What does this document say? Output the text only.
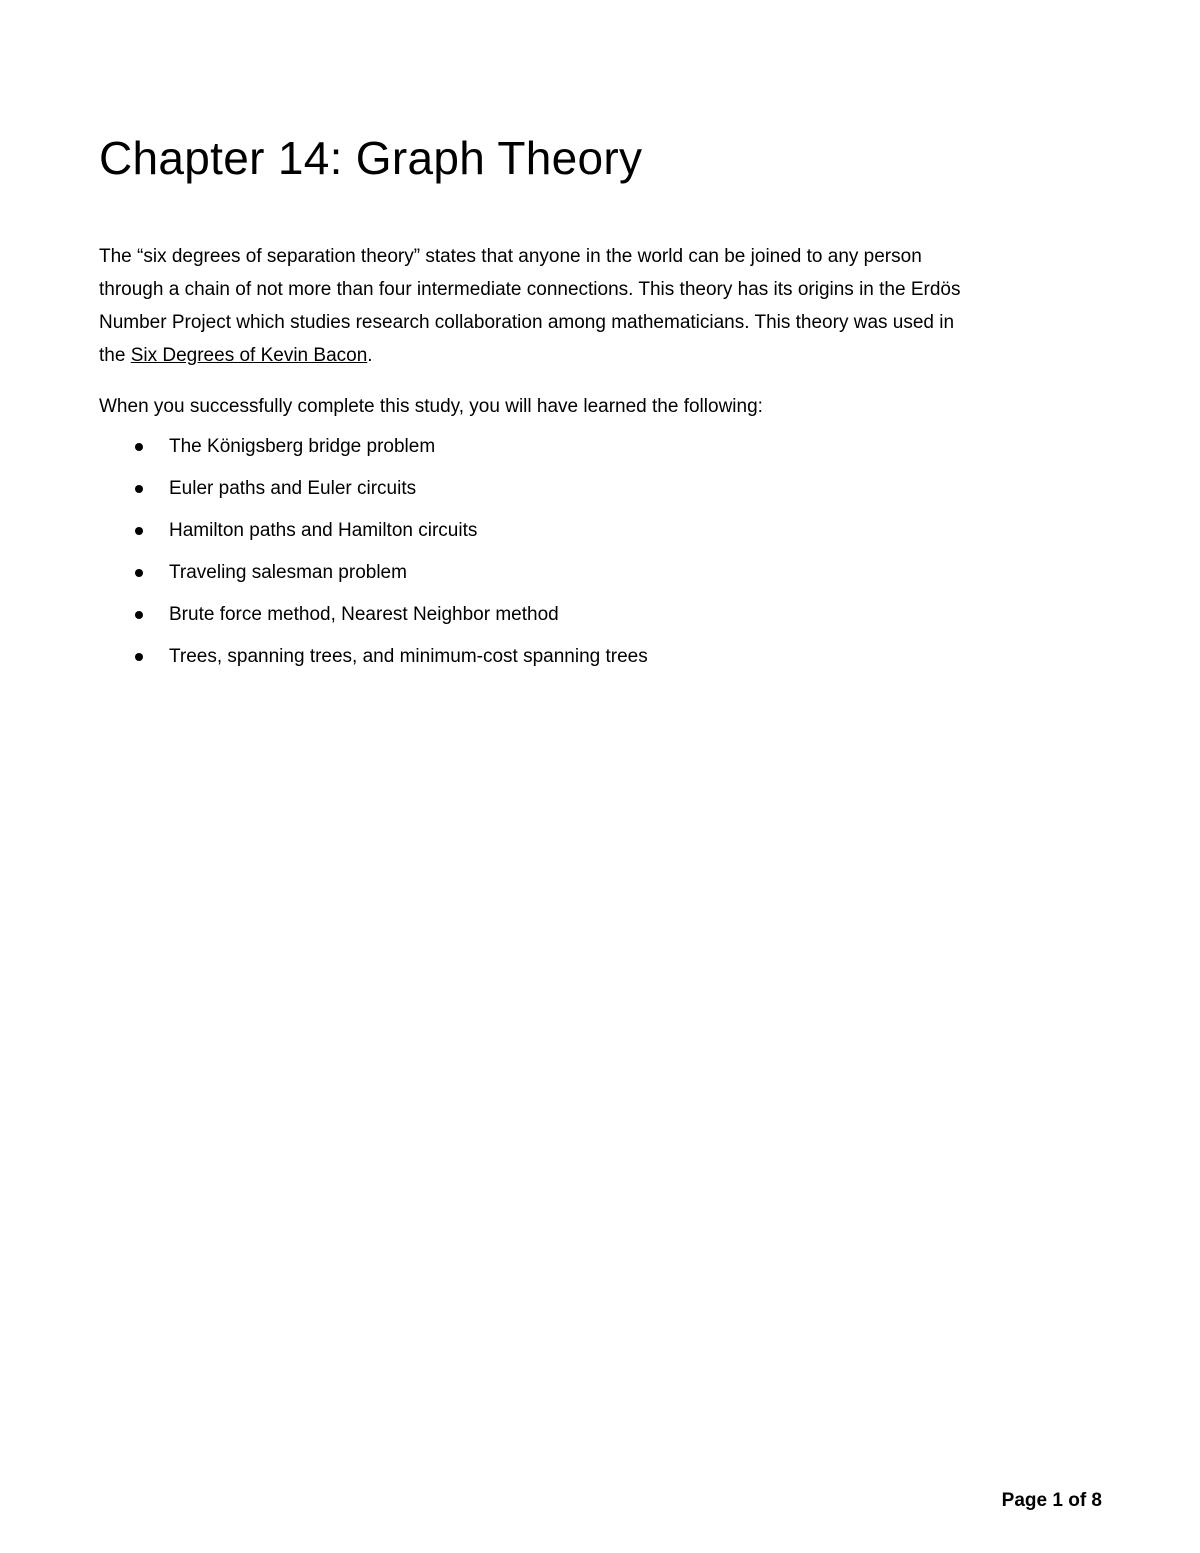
Chapter 14: Graph Theory

The “six degrees of separation theory” states that anyone in the world can be joined to any person
through a chain of not more than four intermediate connections. This theory has its origins in the Erdös
Number Project which studies research collaboration among mathematicians. This theory was used in
the Six Degrees of Kevin Bacon.

When you successfully complete this study, you will have learned the following:

The Königsberg bridge problem
Euler paths and Euler circuits
Hamilton paths and Hamilton circuits
Traveling salesman problem
Brute force method, Nearest Neighbor method
Trees, spanning trees, and minimum-cost spanning trees

Page 1 of 8
